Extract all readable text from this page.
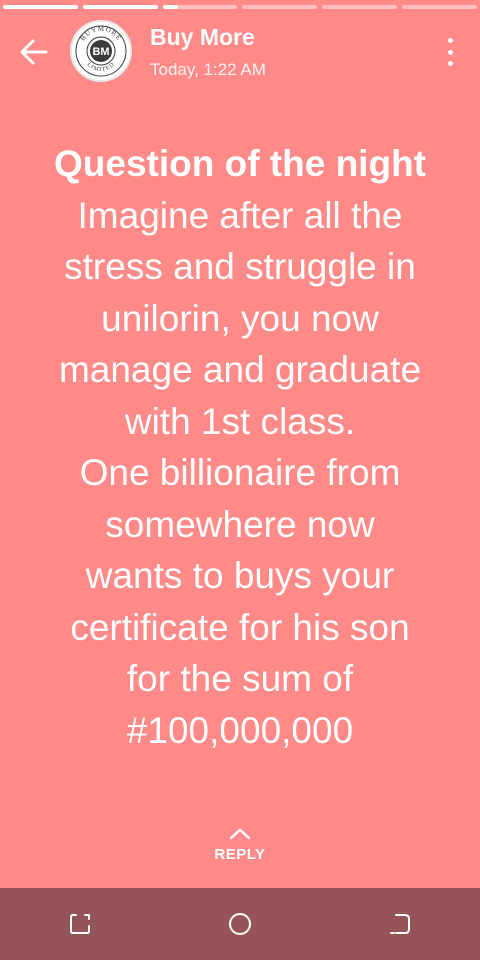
BUYMORE
LIMITED
BM
Buy More
Today, 1:22 AM
Question of the night
Imagine after all the
stress and struggle in
unilorin, you now
manage and graduate
with 1st class.
One billionaire from
somewhere now
wants to buys your
certificate for his son
for the sum of
#100,000,000
REPLY
